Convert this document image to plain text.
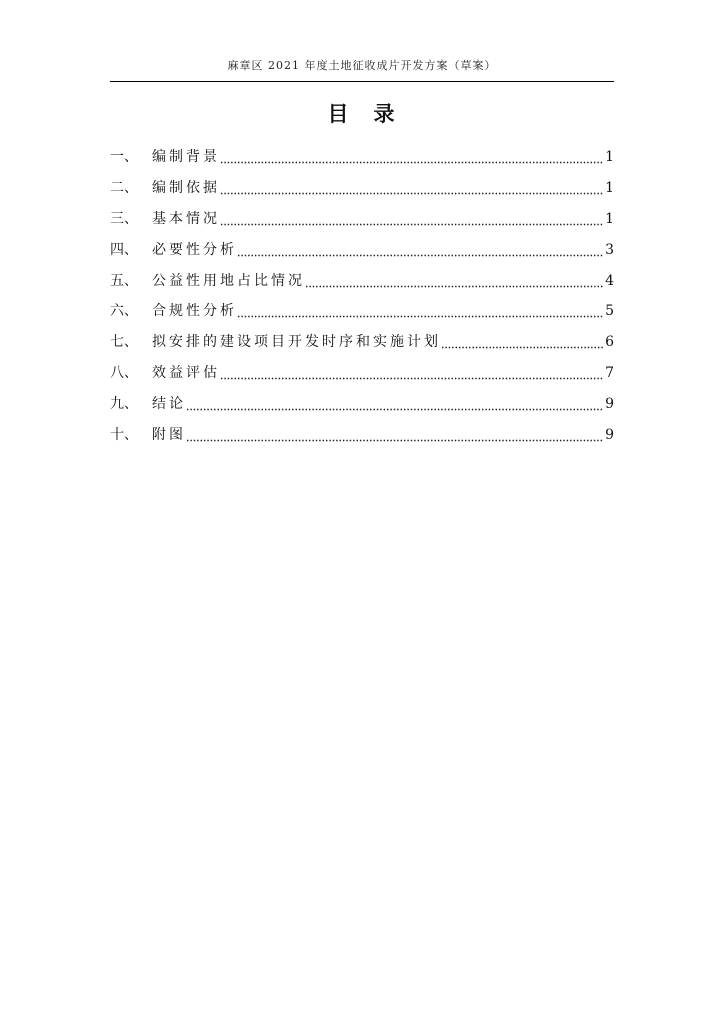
麻章区 2021 年度土地征收成片开发方案（草案）
目　录
一、	编制背景	1
二、	编制依据	1
三、	基本情况	1
四、	必要性分析	3
五、	公益性用地占比情况	4
六、	合规性分析	5
七、	拟安排的建设项目开发时序和实施计划	6
八、	效益评估	7
九、	结论	9
十、	附图	9
